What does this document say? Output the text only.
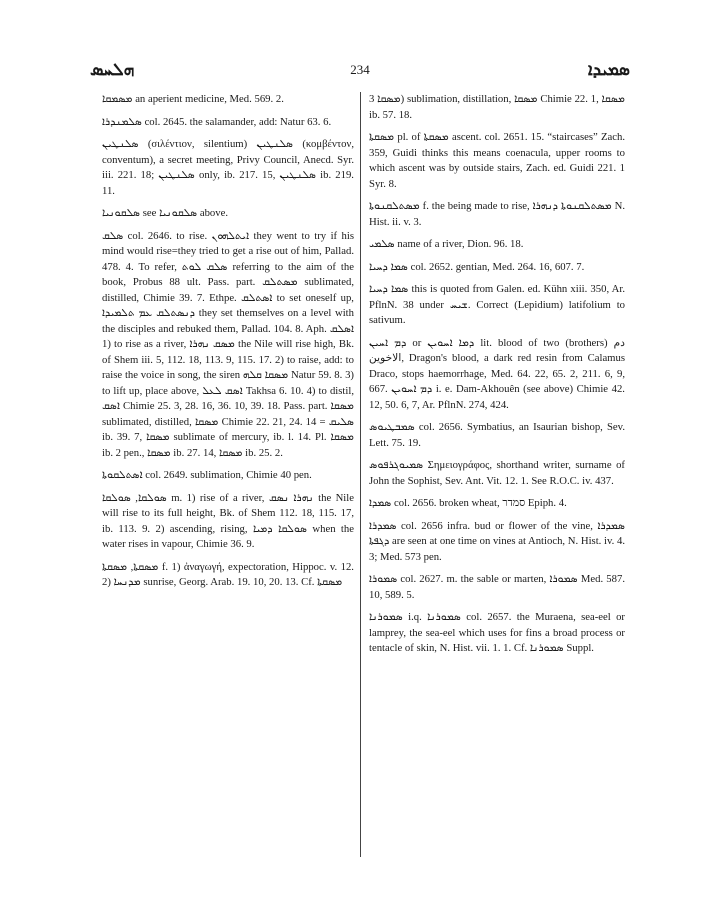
ܗܠܚܣ	234	ܣܡܝܕܐ
ܡܣܡܩܐ an aperient medicine, Med. 569. 2.
ܣܠܡܢܕܪܐ col. 2645. the salamander, add: Natur 63. 6.
ܣܠܢܛܝܢ (σιλέντιον, silentium) ܣܠܢܛܝܢ (κομβέντον, conventum), a secret meeting, Privy Council, Anecd. Syr. iii. 221. 18; ܣܠܢܛܝܢ only, ib. 217. 15, ܣܠܢܛܝܢ ib. 219. 11.
ܣܠܩܘܢܝܐ see ܣܠܩܘܢܝܐ above.
ܣܠܩ col. 2646. to rise. ܐܝܬܠܗܘܢ they went to try if his mind would rise=they tried to get a rise out of him, Pallad. 478. 4. To refer, ܣܠܩ ܠܘܬ referring to the aim of the book, Probus 88 ult. Pass. part. ܡܣܬܠܩ sublimated, distilled, Chimie 39. 7. Ethpe. ܐܣܬܠܩ to set oneself up, ܕܢܣܬܠܩ ܥܡ ܬܠܡܝܕܐ they set themselves on a level with the disciples and rebuked them, Pallad. 104. 8. Aph. ܐܣܠܩ 1) to rise as a river, ܡܣܩ ܢܗܪܐ the Nile will rise high, Bk. of Shem iii. 5, 112. 18, 113. 9, 115. 17. 2) to raise, add: to raise the voice in song, the siren ܡܣܩܐ ܩܠܗ Natur 59. 8. 3) to lift up, place above, ܐܣܩ ܠܥܠ Takhsa 6. 10. 4) to distil, ܐܣܩ Chimie 25. 3, 28. 16, 36. 10, 39. 18. Pass. part. ܡܣܩܐ sublimated, distilled, ܡܣܩܐ Chimie 22. 21, 24. 14 = ܣܠܝܩ ib. 39. 7, ܡܣܩܐ sublimate of mercury, ib. l. 14. Pl. ܡܣܩܐ ib. 2 pen., ܡܣܩܐ ib. 27. 14, ܡܣܩܐ ib. 25. 2.
ܐܣܬܠܩܘܬܐ col. 2649. sublimation, Chimie 40 pen.
ܣܘܠܩܐ, ܣܘܠܩܐ m. 1) rise of a river, ܢܗܪܐ ܢܣܩ the Nile will rise to its full height, Bk. of Shem 112. 18, 115. 17, ib. 113. 9. 2) ascending, rising, ܣܘܠܩܐ ܕܡܝܐ when the water rises in vapour, Chimie 36. 9.
ܡܣܩܬܐ, ܡܣܩܬܐ f. 1) ἀναγωγή, expectoration, Hippoc. v. 12. 2) ܡܕܢܚܐ sunrise, Georg. Arab. 19. 10, 20. 13. Cf. ܡܣܩܬܐ
ܡܣܩܐ 3) sublimation, distillation, ܡܣܩܐ Chimie 22. 1, ܡܣܩܐ ib. 57. 18.
ܡܣܩܬܐ pl. of ܡܣܩܬܐ ascent. col. 2651. 15. “staircases” Zach. 359, Guidi thinks this means coenacula, upper rooms to which ascent was by outside stairs, Zach. ed. Guidi 221. 1 Syr. 8.
ܡܣܬܠܩܢܘܬܐ f. the being made to rise, ܡܣܬܠܩܢܘܬܐ ܕܢܗܪܐ N. Hist. ii. v. 3.
ܣܠܡܝ name of a river, Dion. 96. 18.
ܣܡܐ ܕܚܝܐ col. 2652. gentian, Med. 264. 16, 607. 7.
ܣܡܐ ܕܚܝܐ this is quoted from Galen. ed. Kühn xiii. 350, Ar. PflnN. 38 under ܫܝܚ. Correct (Lepidium) latifolium to sativum.
ܕܡ ܐܚܝܢ or ܕܡܐ ܐܚܘܝܢ lit. blood of two (brothers) دم الاخوين, Dragon's blood, a dark red resin from Calamus Draco, stops haemorrhage, Med. 64. 22, 65. 2, 211. 6, 9, 667. ܕܡ ܐܚܘܝܢ i. e. Dam-Akhouên (see above) Chimie 42. 12, 50. 6, 7, Ar. PflnN. 274, 424.
ܣܡܒܛܝܘܣ col. 2656. Symbatius, an Isaurian bishop, Sev. Lett. 75. 19.
ܣܡܝܘܓܪܦܘܣ Σημειογράφος, shorthand writer, surname of John the Sophist, Sev. Ant. Vit. 12. 1. See R.O.C. iv. 437.
ܣܡܕܐ col. 2656. broken wheat, סמדר Epiph. 4.
ܣܡܕܪܐ col. 2656 infra. bud or flower of the vine, ܣܡܕܪܐ ܕܓܦܬܐ are seen at one time on vines at Antioch, N. Hist. iv. 4. 3; Med. 573 pen.
ܣܡܘܪܐ col. 2627. m. the sable or marten, ܣܡܘܪܐ Med. 587. 10, 589. 5.
ܣܡܘܪܢܐ i.q. ܣܡܘܪܢܐ col. 2657. the Muraena, sea-eel or lamprey, the sea-eel which uses for fins a broad process or tentacle of skin, N. Hist. vii. 1. 1. Cf. ܣܡܘܪܢܐ Suppl.
